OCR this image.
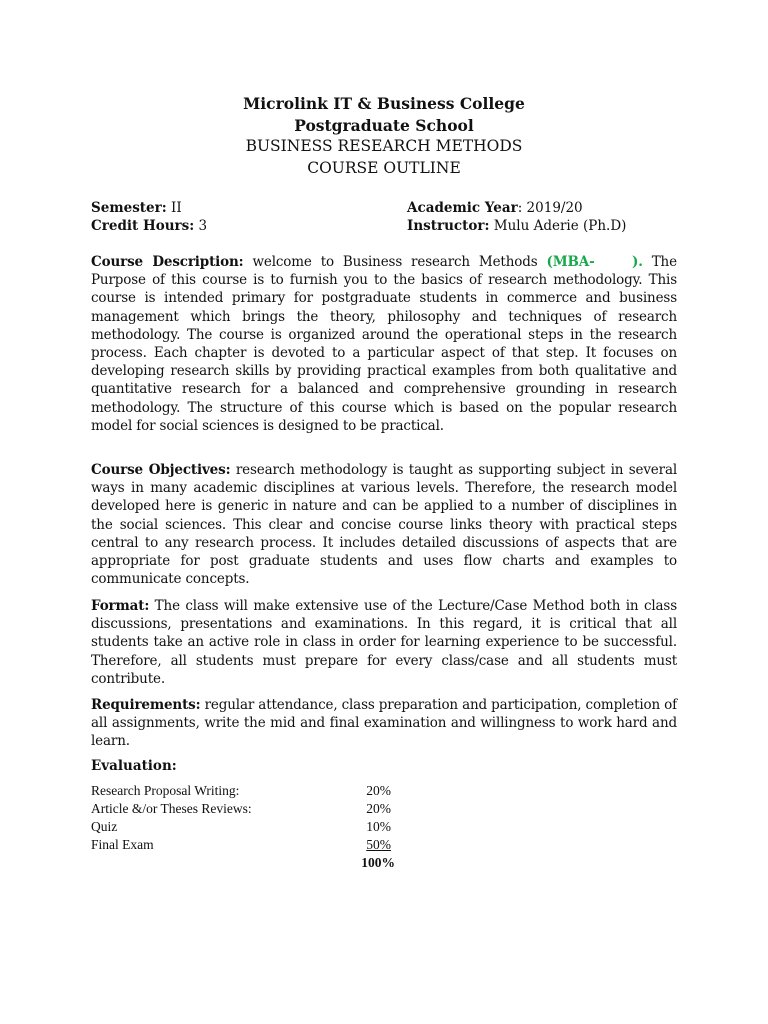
Microlink IT & Business College
Postgraduate School
BUSINESS RESEARCH METHODS
COURSE OUTLINE
Semester: II	Academic Year: 2019/20
Credit Hours: 3	Instructor: Mulu Aderie (Ph.D)

Course Description: welcome to Business research Methods (MBA-    ). The Purpose of this course is to furnish you to the basics of research methodology. This course is intended primary for postgraduate students in commerce and business management which brings the theory, philosophy and techniques of research methodology. The course is organized around the operational steps in the research process. Each chapter is devoted to a particular aspect of that step. It focuses on developing research skills by providing practical examples from both qualitative and quantitative research for a balanced and comprehensive grounding in research methodology. The structure of this course which is based on the popular research model for social sciences is designed to be practical.

Course Objectives: research methodology is taught as supporting subject in several ways in many academic disciplines at various levels. Therefore, the research model developed here is generic in nature and can be applied to a number of disciplines in the social sciences. This clear and concise course links theory with practical steps central to any research process. It includes detailed discussions of aspects that are appropriate for post graduate students and uses flow charts and examples to communicate concepts.

Format: The class will make extensive use of the Lecture/Case Method both in class discussions, presentations and examinations. In this regard, it is critical that all students take an active role in class in order for learning experience to be successful. Therefore, all students must prepare for every class/case and all students must contribute.

Requirements: regular attendance, class preparation and participation, completion of all assignments, write the mid and final examination and willingness to work hard and learn.

Evaluation:
Research Proposal Writing:	20%
Article &/or Theses Reviews:	20%
Quiz	10%
Final Exam	50%
100%
